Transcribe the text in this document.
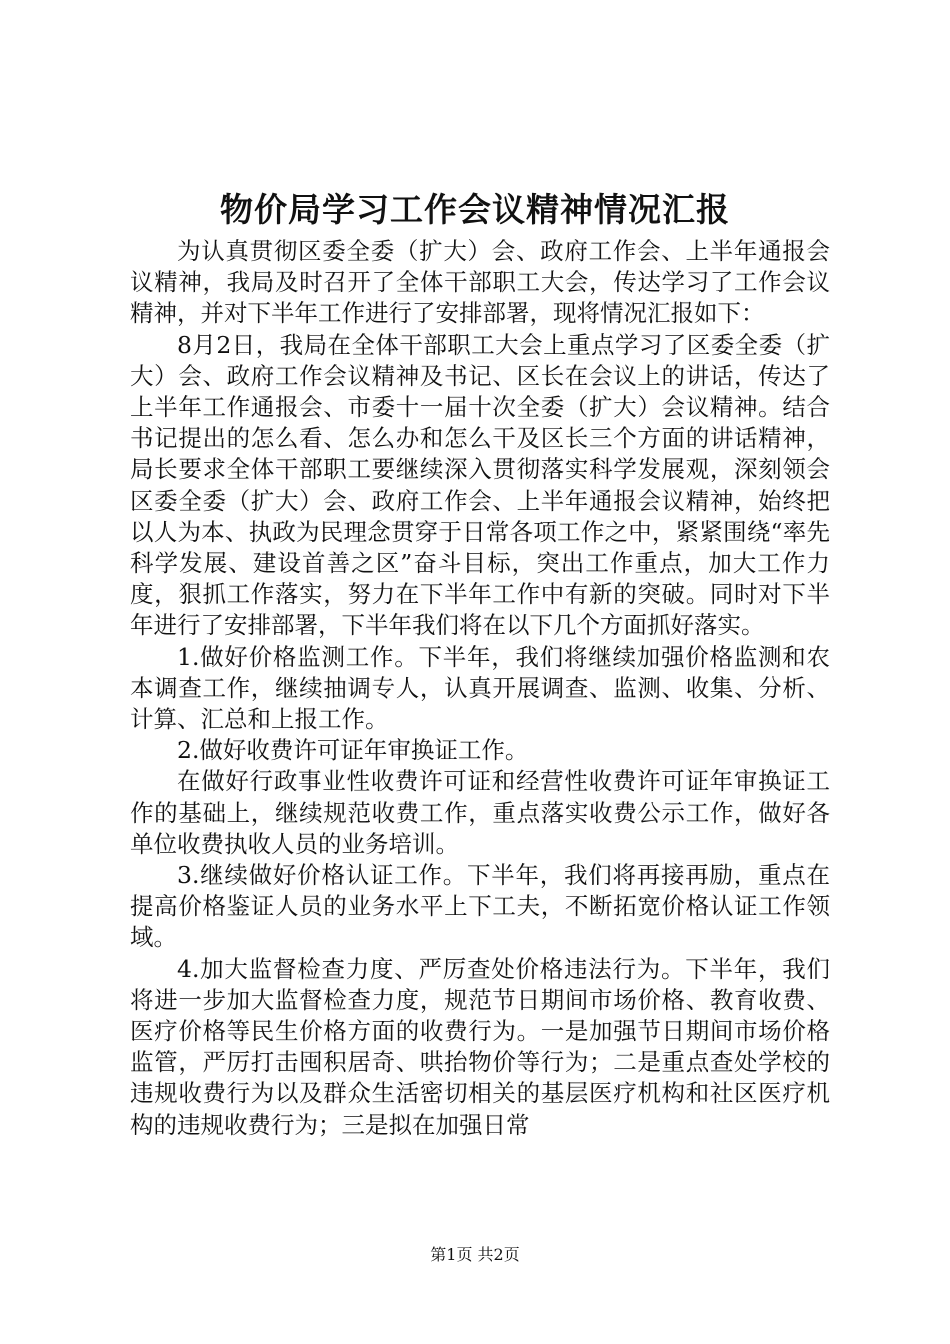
物价局学习工作会议精神情况汇报

为认真贯彻区委全委（扩大）会、政府工作会、上半年通报会议精神，我局及时召开了全体干部职工大会，传达学习了工作会议精神，并对下半年工作进行了安排部署，现将情况汇报如下：

8月2日，我局在全体干部职工大会上重点学习了区委全委（扩大）会、政府工作会议精神及书记、区长在会议上的讲话，传达了上半年工作通报会、市委十一届十次全委（扩大）会议精神。结合书记提出的怎么看、怎么办和怎么干及区长三个方面的讲话精神，局长要求全体干部职工要继续深入贯彻落实科学发展观，深刻领会区委全委（扩大）会、政府工作会、上半年通报会议精神，始终把以人为本、执政为民理念贯穿于日常各项工作之中，紧紧围绕“率先科学发展、建设首善之区”奋斗目标，突出工作重点，加大工作力度，狠抓工作落实，努力在下半年工作中有新的突破。同时对下半年进行了安排部署，下半年我们将在以下几个方面抓好落实。

1.做好价格监测工作。下半年，我们将继续加强价格监测和农本调查工作，继续抽调专人，认真开展调查、监测、收集、分析、计算、汇总和上报工作。

2.做好收费许可证年审换证工作。

在做好行政事业性收费许可证和经营性收费许可证年审换证工作的基础上，继续规范收费工作，重点落实收费公示工作，做好各单位收费执收人员的业务培训。

3.继续做好价格认证工作。下半年，我们将再接再励，重点在提高价格鉴证人员的业务水平上下工夫，不断拓宽价格认证工作领域。

4.加大监督检查力度、严厉查处价格违法行为。下半年，我们将进一步加大监督检查力度，规范节日期间市场价格、教育收费、医疗价格等民生价格方面的收费行为。一是加强节日期间市场价格监管，严厉打击囤积居奇、哄抬物价等行为；二是重点查处学校的违规收费行为以及群众生活密切相关的基层医疗机构和社区医疗机构的违规收费行为；三是拟在加强日常

第1页 共2页
